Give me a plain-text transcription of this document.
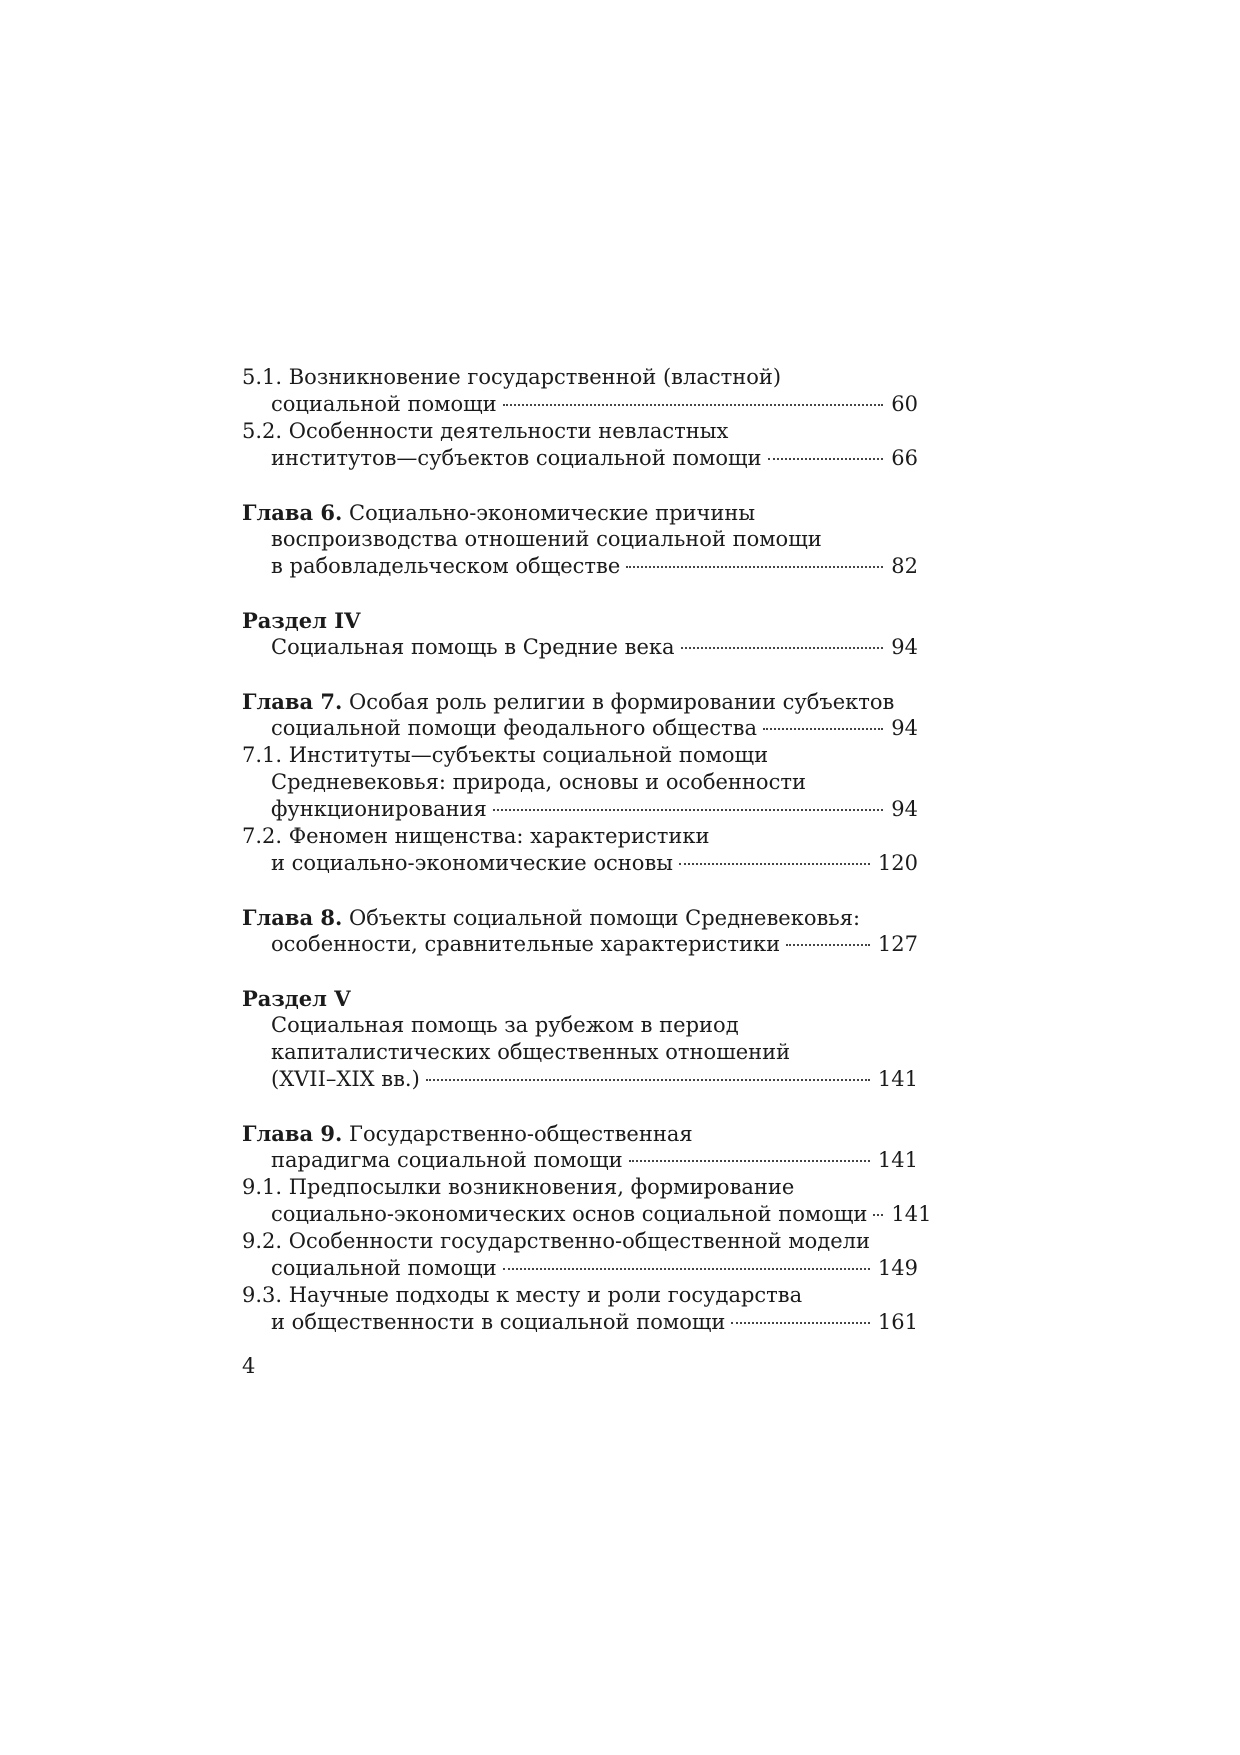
5.1. Возникновение государственной (властной)
социальной помощи	60
5.2. Особенности деятельности невластных
институтов—субъектов социальной помощи	66
Глава 6. Социально-экономические причины
воспроизводства отношений социальной помощи
в рабовладельческом обществе	82
Раздел IV
Социальная помощь в Средние века	94
Глава 7. Особая роль религии в формировании субъектов
социальной помощи феодального общества	94
7.1. Институты—субъекты социальной помощи
Средневековья: природа, основы и особенности
функционирования	94
7.2. Феномен нищенства: характеристики
и социально-экономические основы	120
Глава 8. Объекты социальной помощи Средневековья:
особенности, сравнительные характеристики	127
Раздел V
Социальная помощь за рубежом в период
капиталистических общественных отношений
(XVII–XIX вв.)	141
Глава 9. Государственно-общественная
парадигма социальной помощи	141
9.1. Предпосылки возникновения, формирование
социально-экономических основ социальной помощи 141
9.2. Особенности государственно-общественной модели
социальной помощи	149
9.3. Научные подходы к месту и роли государства
и общественности в социальной помощи	161
4
